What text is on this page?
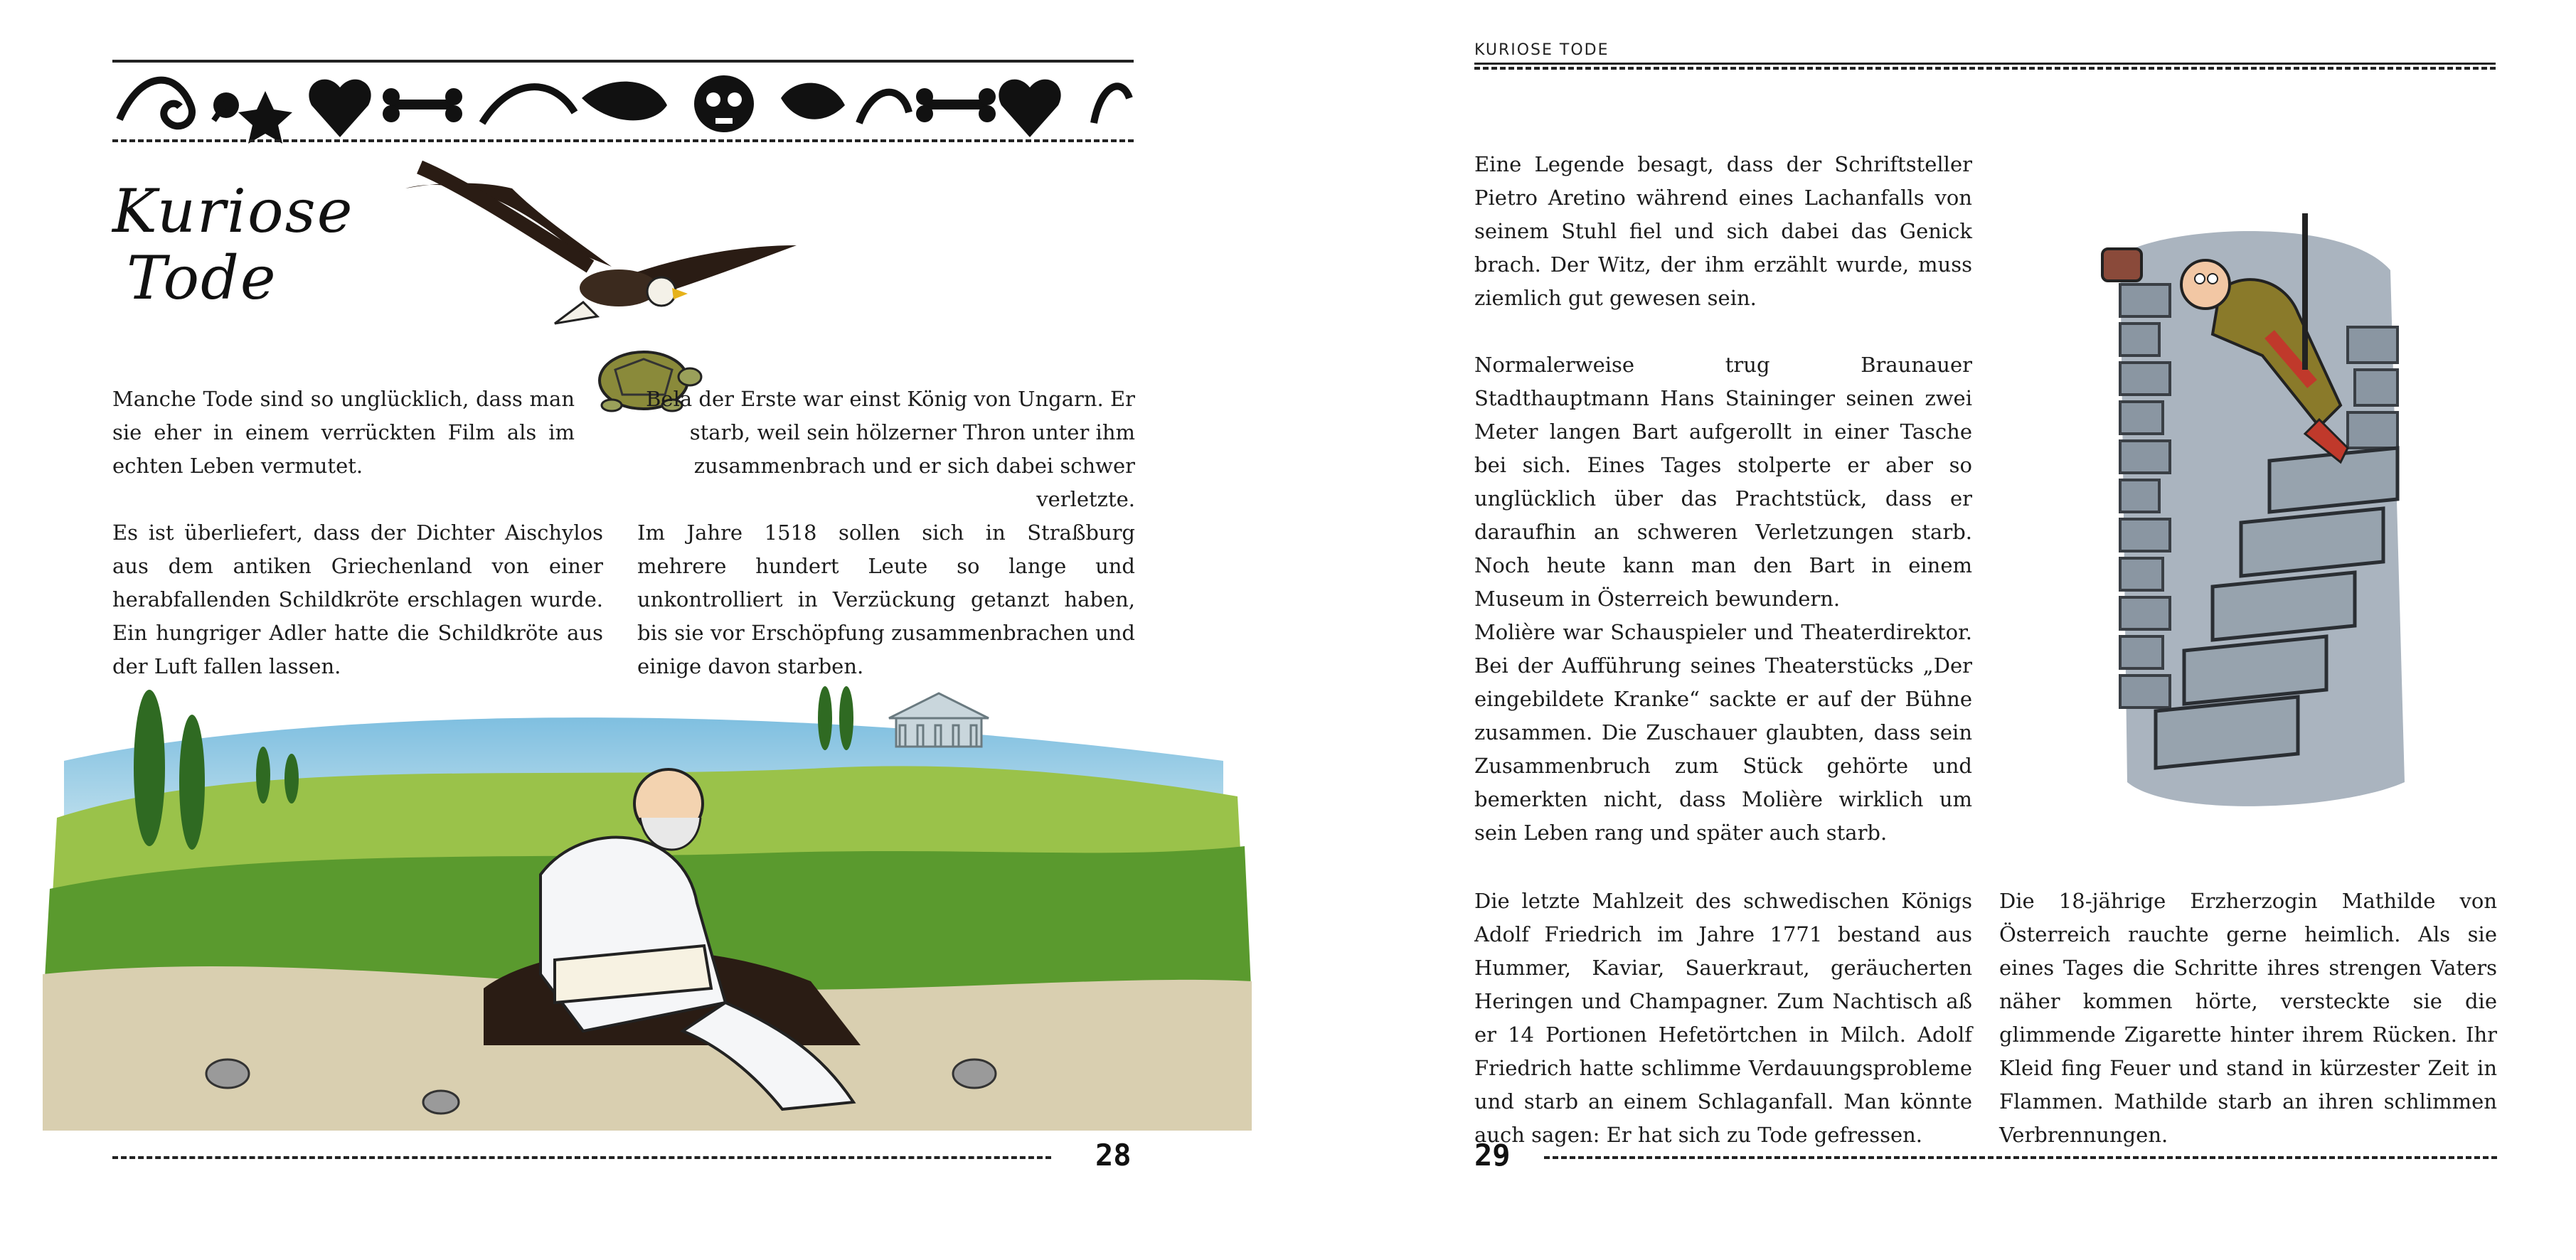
Kuriose
Tode

Manche Tode sind so unglücklich, dass man sie eher in einem verrückten Film als im echten Leben vermutet.

Es ist überliefert, dass der Dichter Aischylos aus dem antiken Griechenland von einer herabfallenden Schildkröte erschlagen wurde. Ein hungriger Adler hatte die Schildkröte aus der Luft fallen lassen.

Bela der Erste war einst König von Ungarn. Er starb, weil sein hölzerner Thron unter ihm zusammenbrach und er sich dabei schwer verletzte.

Im Jahre 1518 sollen sich in Straßburg mehrere hundert Leute so lange und unkontrolliert in Verzückung getanzt haben, bis sie vor Erschöpfung zusammenbrachen und einige davon starben.

28
KURIOSE TODE

Eine Legende besagt, dass der Schriftsteller Pietro Aretino während eines Lachanfalls von seinem Stuhl fiel und sich dabei das Genick brach. Der Witz, der ihm erzählt wurde, muss ziemlich gut gewesen sein.

Normalerweise trug Braunauer Stadthauptmann Hans Staininger seinen zwei Meter langen Bart aufgerollt in einer Tasche bei sich. Eines Tages stolperte er aber so unglücklich über das Prachtstück, dass er daraufhin an schweren Verletzungen starb. Noch heute kann man den Bart in einem Museum in Österreich bewundern.

Molière war Schauspieler und Theaterdirektor. Bei der Aufführung seines Theaterstücks „Der eingebildete Kranke“ sackte er auf der Bühne zusammen. Die Zuschauer glaubten, dass sein Zusammenbruch zum Stück gehörte und bemerkten nicht, dass Molière wirklich um sein Leben rang und später auch starb.

Die letzte Mahlzeit des schwedischen Königs Adolf Friedrich im Jahre 1771 bestand aus Hummer, Kaviar, Sauerkraut, geräucherten Heringen und Champagner. Zum Nachtisch aß er 14 Portionen Hefetörtchen in Milch. Adolf Friedrich hatte schlimme Verdauungsprobleme und starb an einem Schlaganfall. Man könnte auch sagen: Er hat sich zu Tode gefressen.

Die 18-jährige Erzherzogin Mathilde von Österreich rauchte gerne heimlich. Als sie eines Tages die Schritte ihres strengen Vaters näher kommen hörte, versteckte sie die glimmende Zigarette hinter ihrem Rücken. Ihr Kleid fing Feuer und stand in kürzester Zeit in Flammen. Mathilde starb an ihren schlimmen Verbrennungen.

29
